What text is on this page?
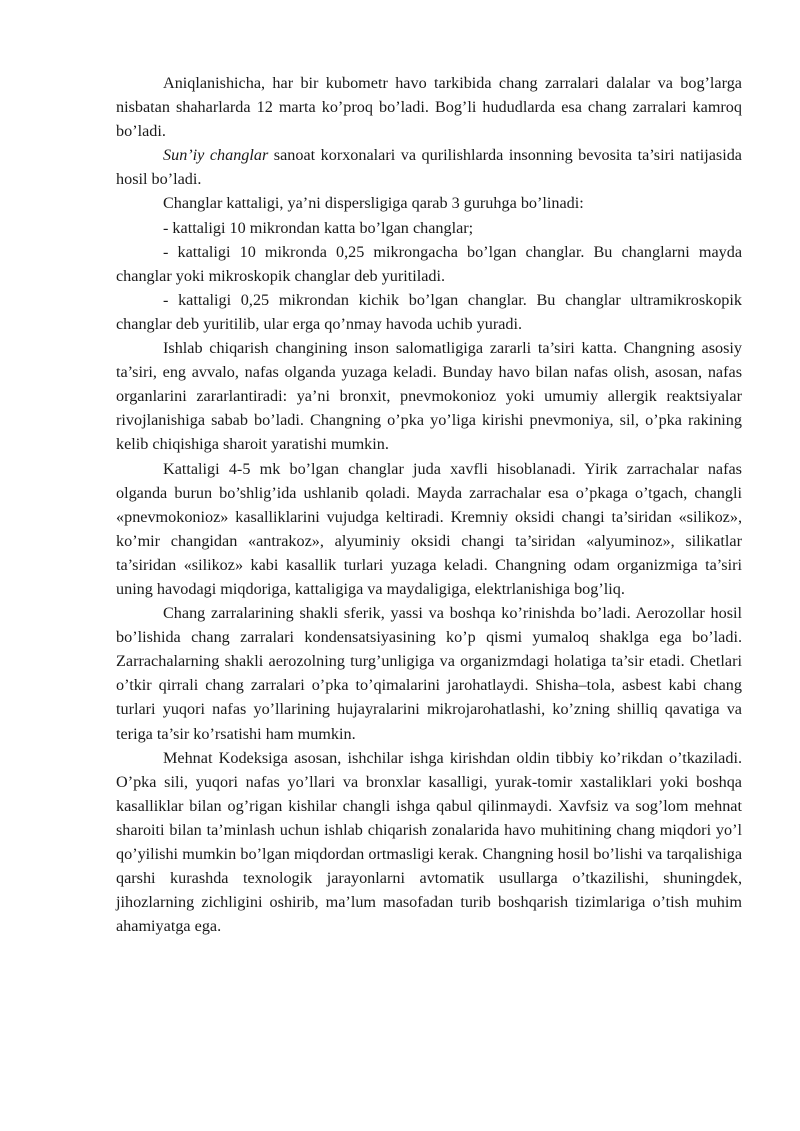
Aniqlanishicha, har bir kubometr havo tarkibida chang zarralari dalalar va bog’larga nisbatan shaharlarda 12 marta ko’proq bo’ladi. Bog’li hududlarda esa chang zarralari kamroq bo’ladi.

Sun’iy changlar sanoat korxonalari va qurilishlarda insonning bevosita ta’siri natijasida hosil bo’ladi.

Changlar kattaligi, ya’ni dispersligiga qarab 3 guruhga bo’linadi:

- kattaligi 10 mikrondan katta bo’lgan changlar;

- kattaligi 10 mikronda 0,25 mikrongacha bo’lgan changlar. Bu changlarni mayda changlar yoki mikroskopik changlar deb yuritiladi.

- kattaligi 0,25 mikrondan kichik bo’lgan changlar. Bu changlar ultramikroskopik changlar deb yuritilib, ular erga qo’nmay havoda uchib yuradi.

Ishlab chiqarish changining inson salomatligiga zararli ta’siri katta. Changning asosiy ta’siri, eng avvalo, nafas olganda yuzaga keladi. Bunday havo bilan nafas olish, asosan, nafas organlarini zararlantiradi: ya’ni bronxit, pnevmokonioz yoki umumiy allergik reaktsiyalar rivojlanishiga sabab bo’ladi. Changning o’pka yo’liga kirishi pnevmoniya, sil, o’pka rakining kelib chiqishiga sharoit yaratishi mumkin.

Kattaligi 4-5 mk bo’lgan changlar juda xavfli hisoblanadi. Yirik zarrachalar nafas olganda burun bo’shlig’ida ushlanib qoladi. Mayda zarrachalar esa o’pkaga o’tgach, changli «pnevmokonioz» kasalliklarini vujudga keltiradi. Kremniy oksidi changi ta’siridan «silikoz», ko’mir changidan «antrakoz», alyuminiy oksidi changi ta’siridan «alyuminoz», silikatlar ta’siridan «silikoz» kabi kasallik turlari yuzaga keladi. Changning odam organizmiga ta’siri uning havodagi miqdoriga, kattaligiga va maydaligiga, elektrlanishiga bog’liq.

Chang zarralarining shakli sferik, yassi va boshqa ko’rinishda bo’ladi. Aerozollar hosil bo’lishida chang zarralari kondensatsiyasining ko’p qismi yumaloq shaklga ega bo’ladi. Zarrachalarning shakli aerozolning turg’unligiga va organizmdagi holatiga ta’sir etadi. Chetlari o’tkir qirrali chang zarralari o’pka to’qimalarini jarohatlaydi. Shisha–tola, asbest kabi chang turlari yuqori nafas yo’llarining hujayralarini mikrojarohatlashi, ko’zning shilliq qavatiga va teriga ta’sir ko’rsatishi ham mumkin.

Mehnat Kodeksiga asosan, ishchilar ishga kirishdan oldin tibbiy ko’rikdan o’tkaziladi. O’pka sili, yuqori nafas yo’llari va bronxlar kasalligi, yurak-tomir xastaliklari yoki boshqa kasalliklar bilan og’rigan kishilar changli ishga qabul qilinmaydi. Xavfsiz va sog’lom mehnat sharoiti bilan ta’minlash uchun ishlab chiqarish zonalarida havo muhitining chang miqdori yo’l qo’yilishi mumkin bo’lgan miqdordan ortmasligi kerak. Changning hosil bo’lishi va tarqalishiga qarshi kurashda texnologik jarayonlarni avtomatik usullarga o’tkazilishi, shuningdek, jihozlarning zichligini oshirib, ma’lum masofadan turib boshqarish tizimlariga o’tish muhim ahamiyatga ega.
